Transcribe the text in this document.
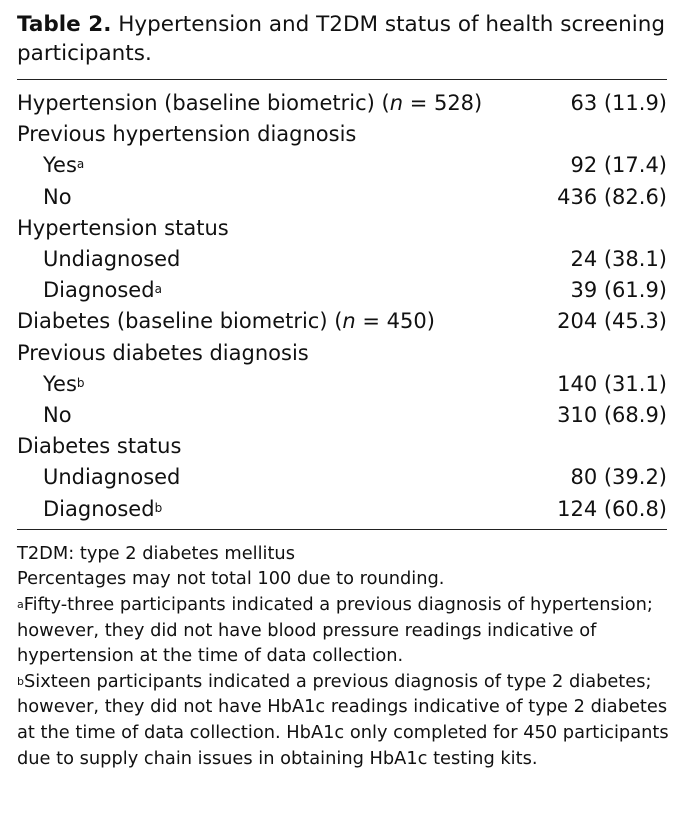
Table 2. Hypertension and T2DM status of health screening participants.

Hypertension (baseline biometric) (n = 528)	63 (11.9)
Previous hypertension diagnosis	
Yes$^a$	92 (17.4)
No	436 (82.6)
Hypertension status	
Undiagnosed	24 (38.1)
Diagnosed$^a$	39 (61.9)
Diabetes (baseline biometric) (n = 450)	204 (45.3)
Previous diabetes diagnosis	
Yes$^b$	140 (31.1)
No	310 (68.9)
Diabetes status	
Undiagnosed	80 (39.2)
Diagnosed$^b$	124 (60.8)

T2DM: type 2 diabetes mellitus

Percentages may not total 100 due to rounding.

$^a$Fifty-three participants indicated a previous diagnosis of hypertension; however, they did not have blood pressure readings indicative of hypertension at the time of data collection.

$^b$Sixteen participants indicated a previous diagnosis of type 2 diabetes; however, they did not have HbA1c readings indicative of type 2 diabetes at the time of data collection. HbA1c only completed for 450 participants due to supply chain issues in obtaining HbA1c testing kits.
